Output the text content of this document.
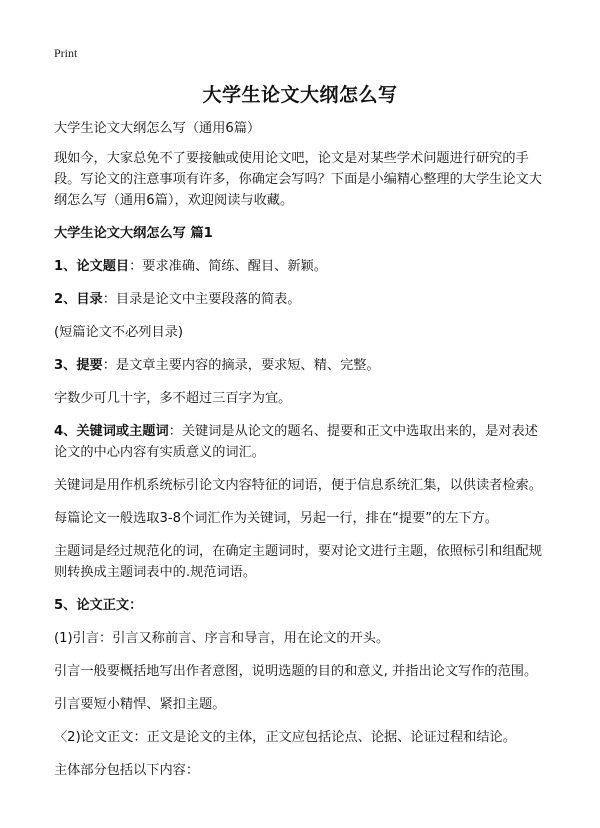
Print
大学生论文大纲怎么写

大学生论文大纲怎么写（通用6篇）

现如今，大家总免不了要接触或使用论文吧，论文是对某些学术问题进行研究的手段。写论文的注意事项有许多，你确定会写吗？下面是小编精心整理的大学生论文大纲怎么写（通用6篇），欢迎阅读与收藏。

大学生论文大纲怎么写 篇1

1、论文题目：要求准确、简练、醒目、新颖。

2、目录：目录是论文中主要段落的简表。

(短篇论文不必列目录)

3、提要：是文章主要内容的摘录，要求短、精、完整。

字数少可几十字，多不超过三百字为宜。

4、关键词或主题词：关键词是从论文的题名、提要和正文中选取出来的，是对表述论文的中心内容有实质意义的词汇。

关键词是用作机系统标引论文内容特征的词语，便于信息系统汇集，以供读者检索。

每篇论文一般选取3-8个词汇作为关键词，另起一行，排在“提要”的左下方。

主题词是经过规范化的词，在确定主题词时，要对论文进行主题，依照标引和组配规则转换成主题词表中的.规范词语。

5、论文正文：

(1)引言：引言又称前言、序言和导言，用在论文的开头。

引言一般要概括地写出作者意图，说明选题的目的和意义, 并指出论文写作的范围。

引言要短小精悍、紧扣主题。

〈2)论文正文：正文是论文的主体，正文应包括论点、论据、论证过程和结论。

主体部分包括以下内容：
